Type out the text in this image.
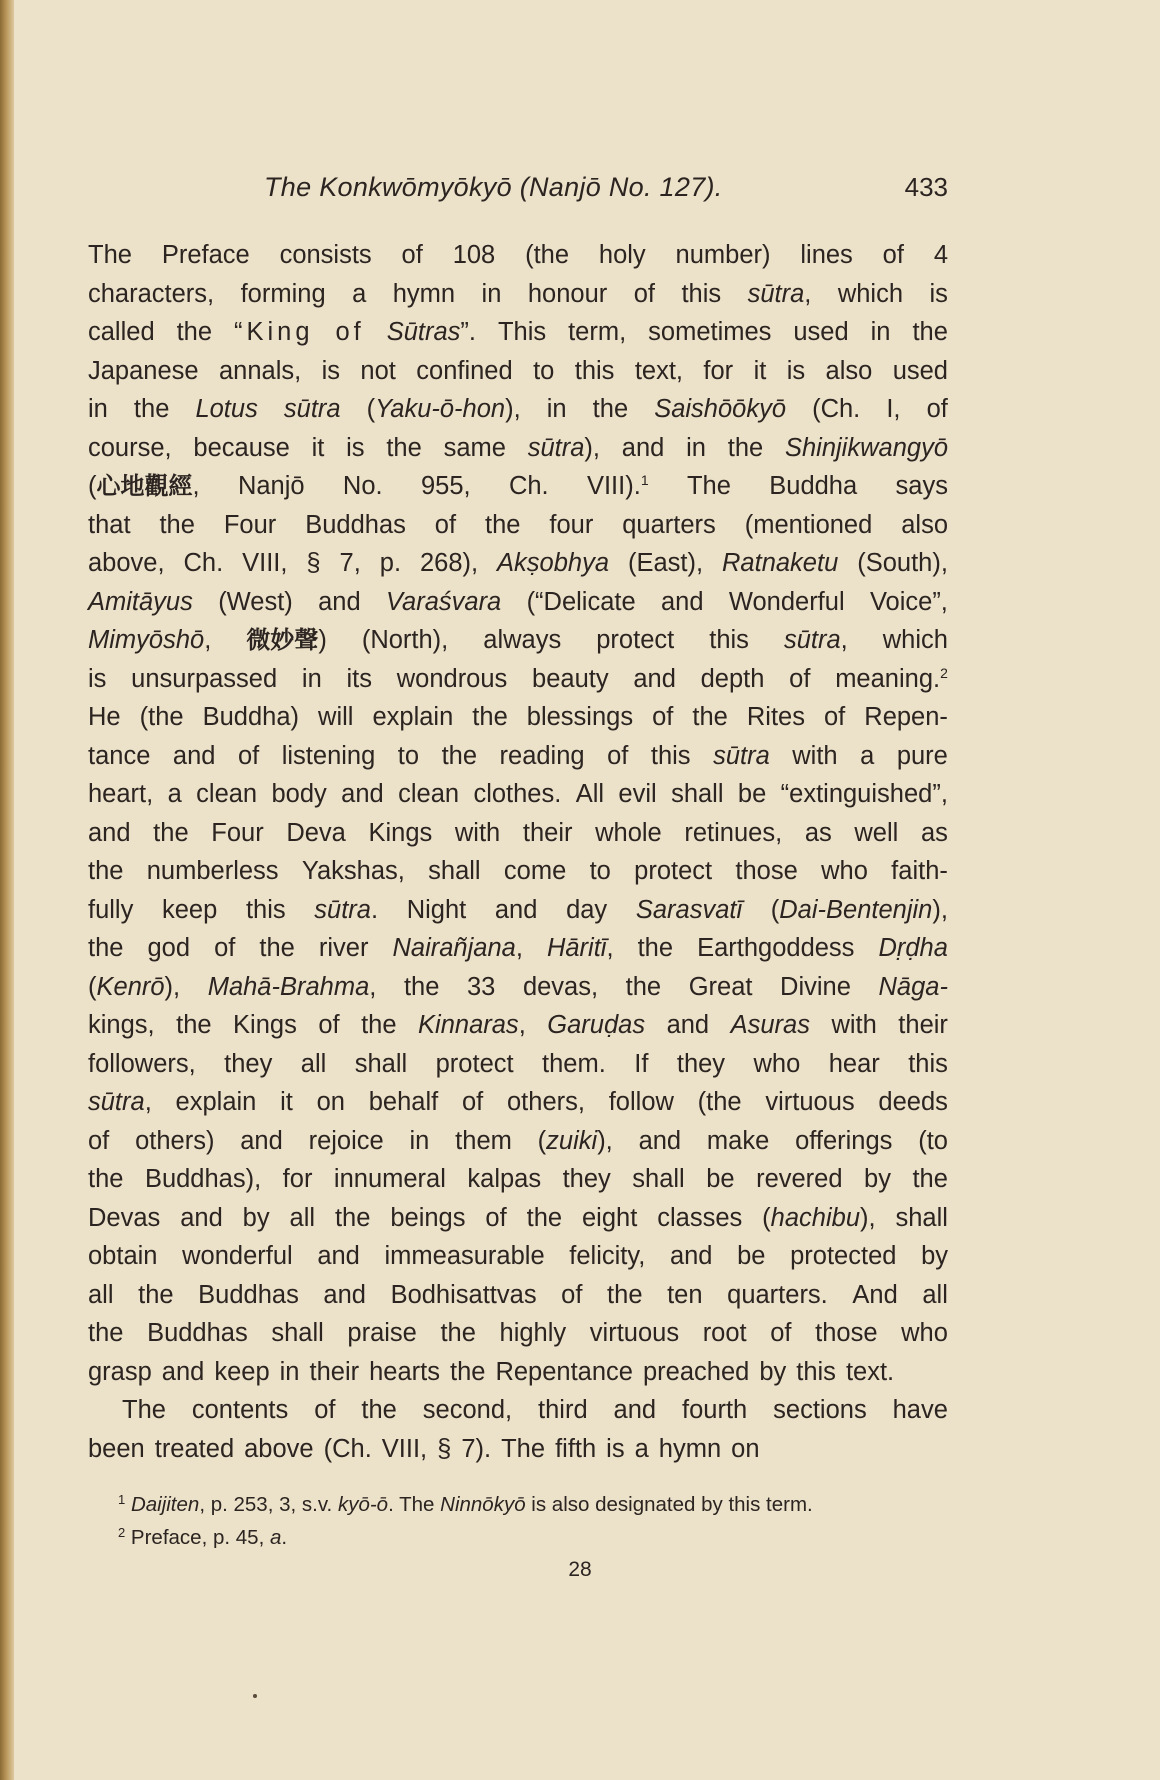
The Konkwōmyōkyō (Nanjō No. 127).	433
The Preface consists of 108 (the holy number) lines of 4
characters, forming a hymn in honour of this sūtra, which is
called the “King of Sūtras”. This term, sometimes used in the
Japanese annals, is not confined to this text, for it is also used
in the Lotus sūtra (Yaku-ō-hon), in the Saishōōkyō (Ch. I, of
course, because it is the same sūtra), and in the Shinjikwangyō
(心地觀經, Nanjō No. 955, Ch. VIII).$^1$ The Buddha says
that the Four Buddhas of the four quarters (mentioned also
above, Ch. VIII, § 7, p. 268), Akṣobhya (East), Ratnaketu (South),
Amitāyus (West) and Varaśvara (“Delicate and Wonderful Voice”,
Mimyōshō, 微妙聲) (North), always protect this sūtra, which
is unsurpassed in its wondrous beauty and depth of meaning.$^2$
He (the Buddha) will explain the blessings of the Rites of Repen-
tance and of listening to the reading of this sūtra with a pure
heart, a clean body and clean clothes. All evil shall be “extinguished”,
and the Four Deva Kings with their whole retinues, as well as
the numberless Yakshas, shall come to protect those who faith-
fully keep this sūtra. Night and day Sarasvatī (Dai-Bentenjin),
the god of the river Nairañjana, Hāritī, the Earthgoddess Dṛḍha
(Kenrō), Mahā-Brahma, the 33 devas, the Great Divine Nāga-
kings, the Kings of the Kinnaras, Garuḍas and Asuras with their
followers, they all shall protect them. If they who hear this
sūtra, explain it on behalf of others, follow (the virtuous deeds
of others) and rejoice in them (zuiki), and make offerings (to
the Buddhas), for innumeral kalpas they shall be revered by the
Devas and by all the beings of the eight classes (hachibu), shall
obtain wonderful and immeasurable felicity, and be protected by
all the Buddhas and Bodhisattvas of the ten quarters. And all
the Buddhas shall praise the highly virtuous root of those who
grasp and keep in their hearts the Repentance preached by this text.
The contents of the second, third and fourth sections have
been treated above (Ch. VIII, § 7). The fifth is a hymn on
$^1$ Daijiten, p. 253, 3, s.v. kyō-ō. The Ninnōkyō is also designated by this term.
$^2$ Preface, p. 45, a.
28
